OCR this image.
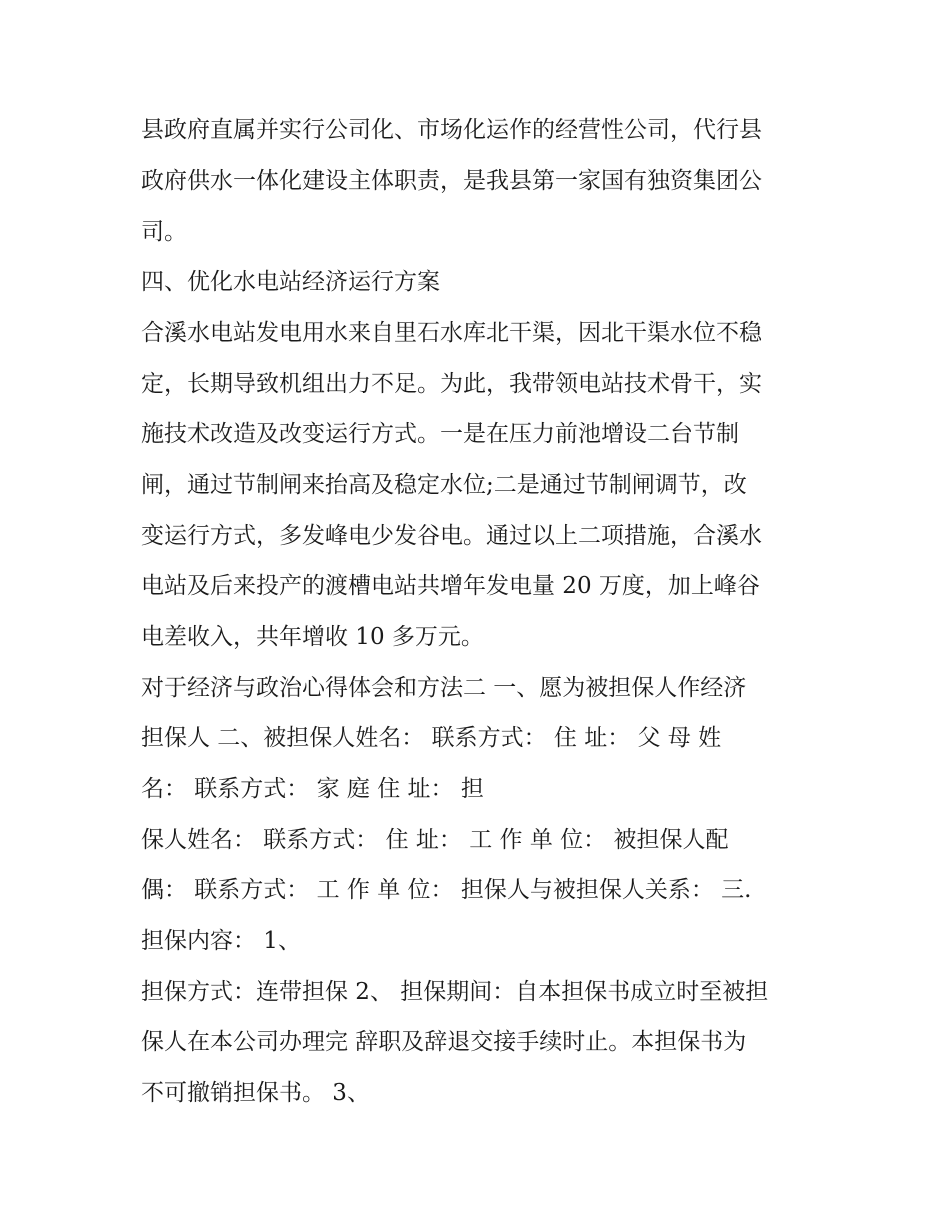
县政府直属并实行公司化、市场化运作的经营性公司，代行县
政府供水一体化建设主体职责，是我县第一家国有独资集团公
司。
四、优化水电站经济运行方案
合溪水电站发电用水来自里石水库北干渠，因北干渠水位不稳
定，长期导致机组出力不足。为此，我带领电站技术骨干，实
施技术改造及改变运行方式。一是在压力前池增设二台节制
闸，通过节制闸来抬高及稳定水位;二是通过节制闸调节，改
变运行方式，多发峰电少发谷电。通过以上二项措施，合溪水
电站及后来投产的渡槽电站共增年发电量 20 万度，加上峰谷
电差收入，共年增收 10 多万元。
对于经济与政治心得体会和方法二 一、愿为被担保人作经济
担保人 二、被担保人姓名： 联系方式： 住 址： 父 母 姓
名： 联系方式： 家 庭 住 址： 担
保人姓名： 联系方式： 住 址： 工 作 单 位： 被担保人配
偶： 联系方式： 工 作 单 位： 担保人与被担保人关系： 三.
担保内容： 1、
担保方式：连带担保 2、 担保期间：自本担保书成立时至被担
保人在本公司办理完 辞职及辞退交接手续时止。本担保书为
不可撤销担保书。 3、
